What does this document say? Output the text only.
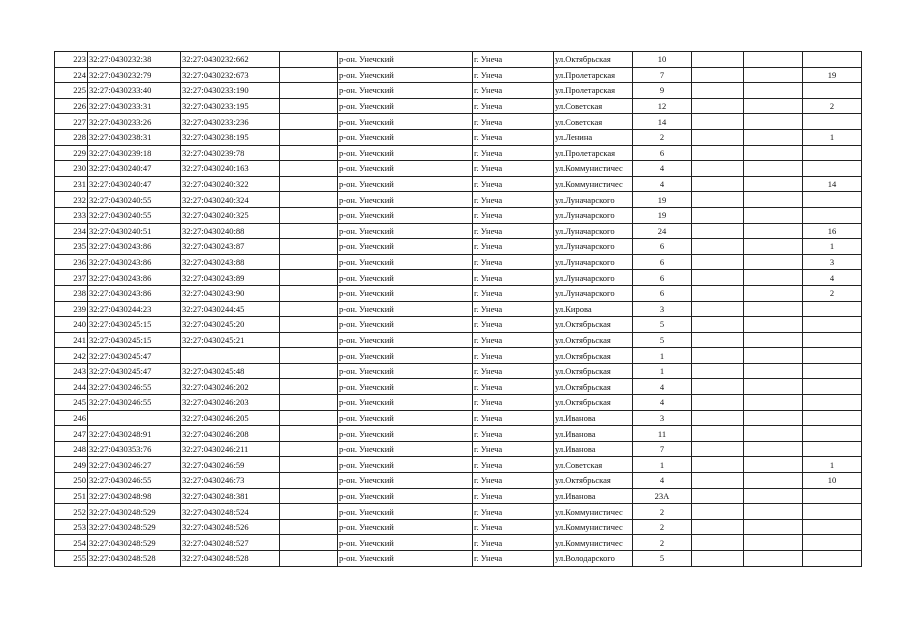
223	32:27:0430232:38	32:27:0430232:662		р-он. Унечский	г. Унеча	ул.Октябрьская	10			
224	32:27:0430232:79	32:27:0430232:673		р-он. Унечский	г. Унеча	ул.Пролетарская	7			19
225	32:27:0430233:40	32:27:0430233:190		р-он. Унечский	г. Унеча	ул.Пролетарская	9			
226	32:27:0430233:31	32:27:0430233:195		р-он. Унечский	г. Унеча	ул.Советская	12			2
227	32:27:0430233:26	32:27:0430233:236		р-он. Унечский	г. Унеча	ул.Советская	14			
228	32:27:0430238:31	32:27:0430238:195		р-он. Унечский	г. Унеча	ул.Ленина	2			1
229	32:27:0430239:18	32:27:0430239:78		р-он. Унечский	г. Унеча	ул.Пролетарская	6			
230	32:27:0430240:47	32:27:0430240:163		р-он. Унечский	г. Унеча	ул.Коммунистичес	4			
231	32:27:0430240:47	32:27:0430240:322		р-он. Унечский	г. Унеча	ул.Коммунистичес	4			14
232	32:27:0430240:55	32:27:0430240:324		р-он. Унечский	г. Унеча	ул.Луначарского	19			
233	32:27:0430240:55	32:27:0430240:325		р-он. Унечский	г. Унеча	ул.Луначарского	19			
234	32:27:0430240:51	32:27:0430240:88		р-он. Унечский	г. Унеча	ул.Луначарского	24			16
235	32:27:0430243:86	32:27:0430243:87		р-он. Унечский	г. Унеча	ул.Луначарского	6			1
236	32:27:0430243:86	32:27:0430243:88		р-он. Унечский	г. Унеча	ул.Луначарского	6			3
237	32:27:0430243:86	32:27:0430243:89		р-он. Унечский	г. Унеча	ул.Луначарского	6			4
238	32:27:0430243:86	32:27:0430243:90		р-он. Унечский	г. Унеча	ул.Луначарского	6			2
239	32:27:0430244:23	32:27:0430244:45		р-он. Унечский	г. Унеча	ул.Кирова	3			
240	32:27:0430245:15	32:27:0430245:20		р-он. Унечский	г. Унеча	ул.Октябрьская	5			
241	32:27:0430245:15	32:27:0430245:21		р-он. Унечский	г. Унеча	ул.Октябрьская	5			
242	32:27:0430245:47			р-он. Унечский	г. Унеча	ул.Октябрьская	1			
243	32:27:0430245:47	32:27:0430245:48		р-он. Унечский	г. Унеча	ул.Октябрьская	1			
244	32:27:0430246:55	32:27:0430246:202		р-он. Унечский	г. Унеча	ул.Октябрьская	4			
245	32:27:0430246:55	32:27:0430246:203		р-он. Унечский	г. Унеча	ул.Октябрьская	4			
246		32:27:0430246:205		р-он. Унечский	г. Унеча	ул.Иванова	3			
247	32:27:0430248:91	32:27:0430246:208		р-он. Унечский	г. Унеча	ул.Иванова	11			
248	32:27:0430353:76	32:27:0430246:211		р-он. Унечский	г. Унеча	ул.Иванова	7			
249	32:27:0430246:27	32:27:0430246:59		р-он. Унечский	г. Унеча	ул.Советская	1			1
250	32:27:0430246:55	32:27:0430246:73		р-он. Унечский	г. Унеча	ул.Октябрьская	4			10
251	32:27:0430248:98	32:27:0430248:381		р-он. Унечский	г. Унеча	ул.Иванова	23А			
252	32:27:0430248:529	32:27:0430248:524		р-он. Унечский	г. Унеча	ул.Коммунистичес	2			
253	32:27:0430248:529	32:27:0430248:526		р-он. Унечский	г. Унеча	ул.Коммунистичес	2			
254	32:27:0430248:529	32:27:0430248:527		р-он. Унечский	г. Унеча	ул.Коммунистичес	2			
255	32:27:0430248:528	32:27:0430248:528		р-он. Унечский	г. Унеча	ул.Володарского	5			
